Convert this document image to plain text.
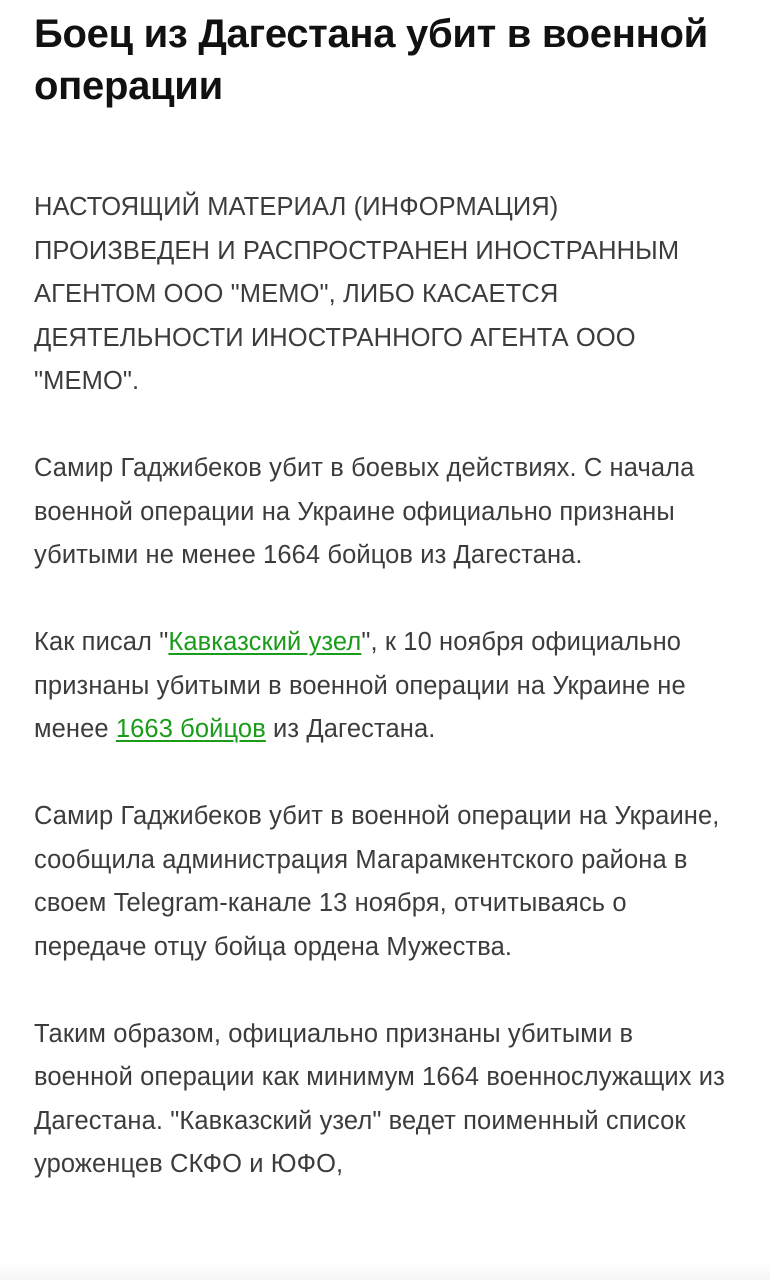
Боец из Дагестана убит в военной операции

НАСТОЯЩИЙ МАТЕРИАЛ (ИНФОРМАЦИЯ) ПРОИЗВЕДЕН И РАСПРОСТРАНЕН ИНОСТРАННЫМ АГЕНТОМ ООО "МЕМО", ЛИБО КАСАЕТСЯ ДЕЯТЕЛЬНОСТИ ИНОСТРАННОГО АГЕНТА ООО "МЕМО".

Самир Гаджибеков убит в боевых действиях. С начала военной операции на Украине официально признаны убитыми не менее 1664 бойцов из Дагестана.

Как писал "Кавказский узел", к 10 ноября официально признаны убитыми в военной операции на Украине не менее 1663 бойцов из Дагестана.

Самир Гаджибеков убит в военной операции на Украине, сообщила администрация Магарамкентского района в своем Telegram-канале 13 ноября, отчитываясь о передаче отцу бойца ордена Мужества.

Таким образом, официально признаны убитыми в военной операции как минимум 1664 военнослужащих из Дагестана. "Кавказский узел" ведет поименный список уроженцев СКФО и ЮФО,
